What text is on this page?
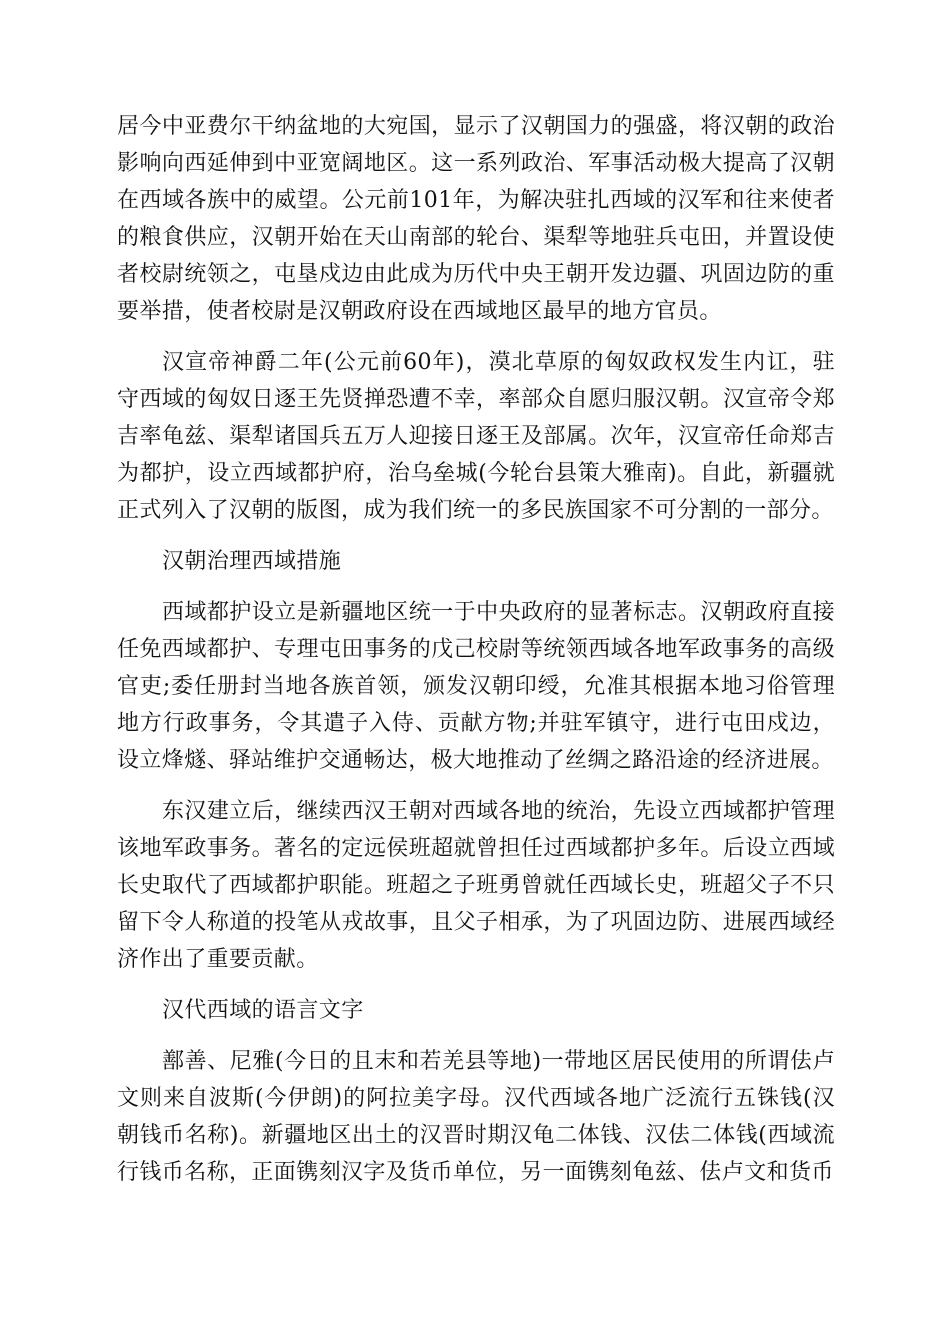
居今中亚费尔干纳盆地的大宛国，显示了汉朝国力的强盛，将汉朝的政治影响向西延伸到中亚宽阔地区。这一系列政治、军事活动极大提高了汉朝在西域各族中的威望。公元前101年，为解决驻扎西域的汉军和往来使者的粮食供应，汉朝开始在天山南部的轮台、渠犁等地驻兵屯田，并置设使者校尉统领之，屯垦戍边由此成为历代中央王朝开发边疆、巩固边防的重要举措，使者校尉是汉朝政府设在西域地区最早的地方官员。

汉宣帝神爵二年(公元前60年)，漠北草原的匈奴政权发生内讧，驻守西域的匈奴日逐王先贤掸恐遭不幸，率部众自愿归服汉朝。汉宣帝令郑吉率龟兹、渠犁诸国兵五万人迎接日逐王及部属。次年，汉宣帝任命郑吉为都护，设立西域都护府，治乌垒城(今轮台县策大雅南)。自此，新疆就正式列入了汉朝的版图，成为我们统一的多民族国家不可分割的一部分。

汉朝治理西域措施

西域都护设立是新疆地区统一于中央政府的显著标志。汉朝政府直接任免西域都护、专理屯田事务的戊己校尉等统领西域各地军政事务的高级官吏;委任册封当地各族首领，颁发汉朝印绶，允准其根据本地习俗管理地方行政事务，令其遣子入侍、贡献方物;并驻军镇守，进行屯田戍边，设立烽燧、驿站维护交通畅达，极大地推动了丝绸之路沿途的经济进展。

东汉建立后，继续西汉王朝对西域各地的统治，先设立西域都护管理该地军政事务。著名的定远侯班超就曾担任过西域都护多年。后设立西域长史取代了西域都护职能。班超之子班勇曾就任西域长史，班超父子不只留下令人称道的投笔从戎故事，且父子相承，为了巩固边防、进展西域经济作出了重要贡献。

汉代西域的语言文字

鄯善、尼雅(今日的且末和若羌县等地)一带地区居民使用的所谓佉卢文则来自波斯(今伊朗)的阿拉美字母。汉代西域各地广泛流行五铢钱(汉朝钱币名称)。新疆地区出土的汉晋时期汉龟二体钱、汉佉二体钱(西域流行钱币名称，正面镌刻汉字及货币单位，另一面镌刻龟兹、佉卢文和货币
